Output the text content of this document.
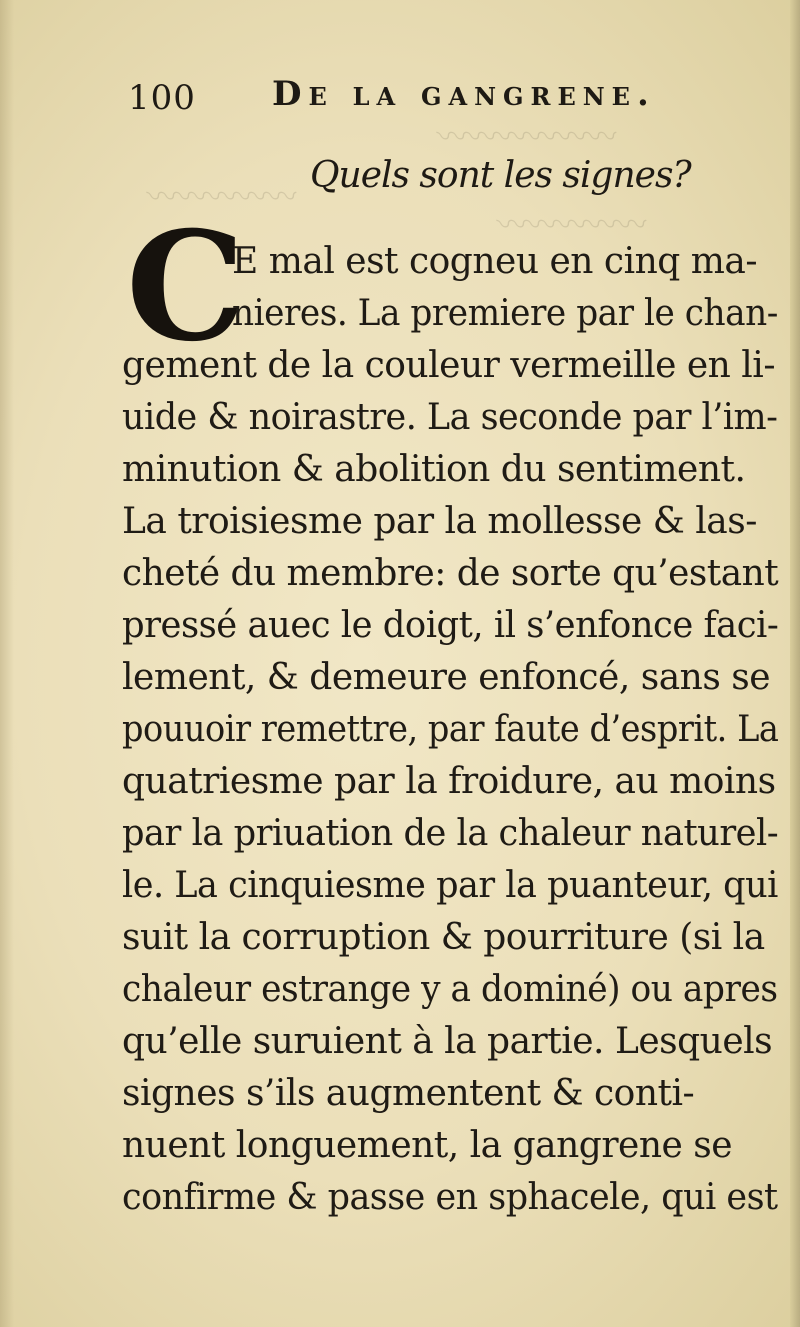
〰〰〰〰〰〰
〰〰〰〰〰
〰〰〰〰〰
100 De la gangrene.
Quels sont les signes?
C
E mal est cogneu en cinq ma-
nieres. La premiere par le chan-
gement de la couleur vermeille en li-
uide & noirastre. La seconde par l’im-
minution & abolition du sentiment.
La troisiesme par la mollesse & las-
cheté du membre: de sorte qu’estant
pressé auec le doigt, il s’enfonce faci-
lement, & demeure enfoncé, sans se
pouuoir remettre, par faute d’esprit. La
quatriesme par la froidure, au moins
par la priuation de la chaleur naturel-
le. La cinquiesme par la puanteur, qui
suit la corruption & pourriture (si la
chaleur estrange y a dominé) ou apres
qu’elle suruient à la partie. Lesquels
signes s’ils augmentent & conti-
nuent longuement, la gangrene se
confirme & passe en sphacele, qui est
